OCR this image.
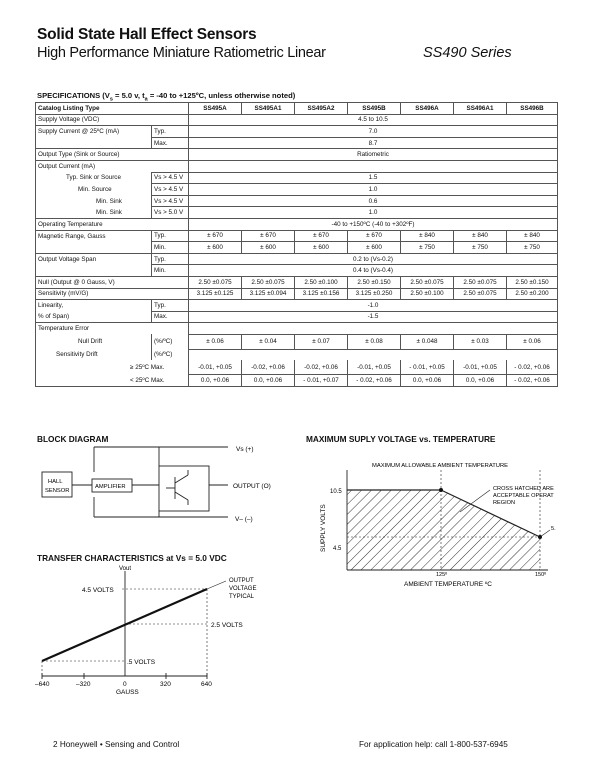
Solid State Hall Effect Sensors
High Performance Miniature Ratiometric Linear	SS490 Series
SPECIFICATIONS ($V_s = 5.0$ v, $t_a = -40$ to +125ºC, unless otherwise noted)
Catalog Listing Type		SS495A	SS495A1	SS495A2	SS495B	SS496A	SS496A1	SS496B
Supply Voltage (VDC)		4.5 to 10.5						
Supply Current @ 25ºC (mA)	Typ.	7.0						
	Max.	8.7						
Output Type (Sink or Source)		Ratiometric						
Output Current (mA)								
Typ. Sink or Source	Vs > 4.5 V	1.5						
Min. Source	Vs > 4.5 V	1.0						
Min. Sink	Vs > 4.5 V	0.6						
Min. Sink	Vs > 5.0 V	1.0						
Operating Temperature		-40 to +150ºC (-40 to +302ºF)						
Magnetic Range, Gauss	Typ.	± 670	± 670	± 670	± 670	± 840	± 840	± 840
	Min.	± 600	± 600	± 600	± 600	± 750	± 750	± 750
Output Voltage Span	Typ.	0.2 to (Vs-0.2)						
	Min.	0.4 to (Vs-0.4)						
Null (Output @ 0 Gauss, V)		2.50 ±0.075	2.50 ±0.075	2.50 ±0.100	2.50 ±0.150	2.50 ±0.075	2.50 ±0.075	2.50 ±0.150
Sensitivity (mV/G)		3.125 ±0.125	3.125 ±0.094	3.125 ±0.156	3.125 ±0.250	2.50 ±0.100	2.50 ±0.075	2.50 ±0.200
Linearity,	Typ.	-1.0						
% of Span)	Max.	-1.5						
Temperature Error								
Null Drift	(%/ºC)	± 0.06	± 0.04	± 0.07	± 0.08	± 0.048	± 0.03	± 0.06
Sensitivity Drift	(%/ºC)							
≥ 25ºC Max.		-0.01, +0.05	-0.02, +0.06	-0.02, +0.06	-0.01, +0.05	- 0.01, +0.05	-0.01, +0.05	- 0.02, +0.06
< 25ºC Max.		0.0, +0.06	0.0, +0.06	- 0.01, +0.07	- 0.02, +0.06	0.0, +0.06	0.0, +0.06	- 0.02, +0.06
BLOCK DIAGRAM
Vs (+)
HALL
SENSOR
AMPLIFIER	OUTPUT (O)
V– (–)
TRANSFER CHARACTERISTICS at Vs = 5.0 VDC
Vout
4.5 VOLTS
2.5 VOLTS
.5 VOLTS
OUTPUT
VOLTAGE
TYPICAL
–640	–320	0	320	640
GAUSS
MAXIMUM SUPLY VOLTAGE vs. TEMPERATURE
MAXIMUM ALLOWABLE AMBIENT TEMPERATURE
10.5
4.5
SUPPLY VOLTS
125º	150º
AMBIENT TEMPERATURE ºC
CROSS HATCHED ARE
ACCEPTABLE OPERAT
REGION
5.
2 Honeywell • Sensing and Control	For application help: call 1-800-537-6945
